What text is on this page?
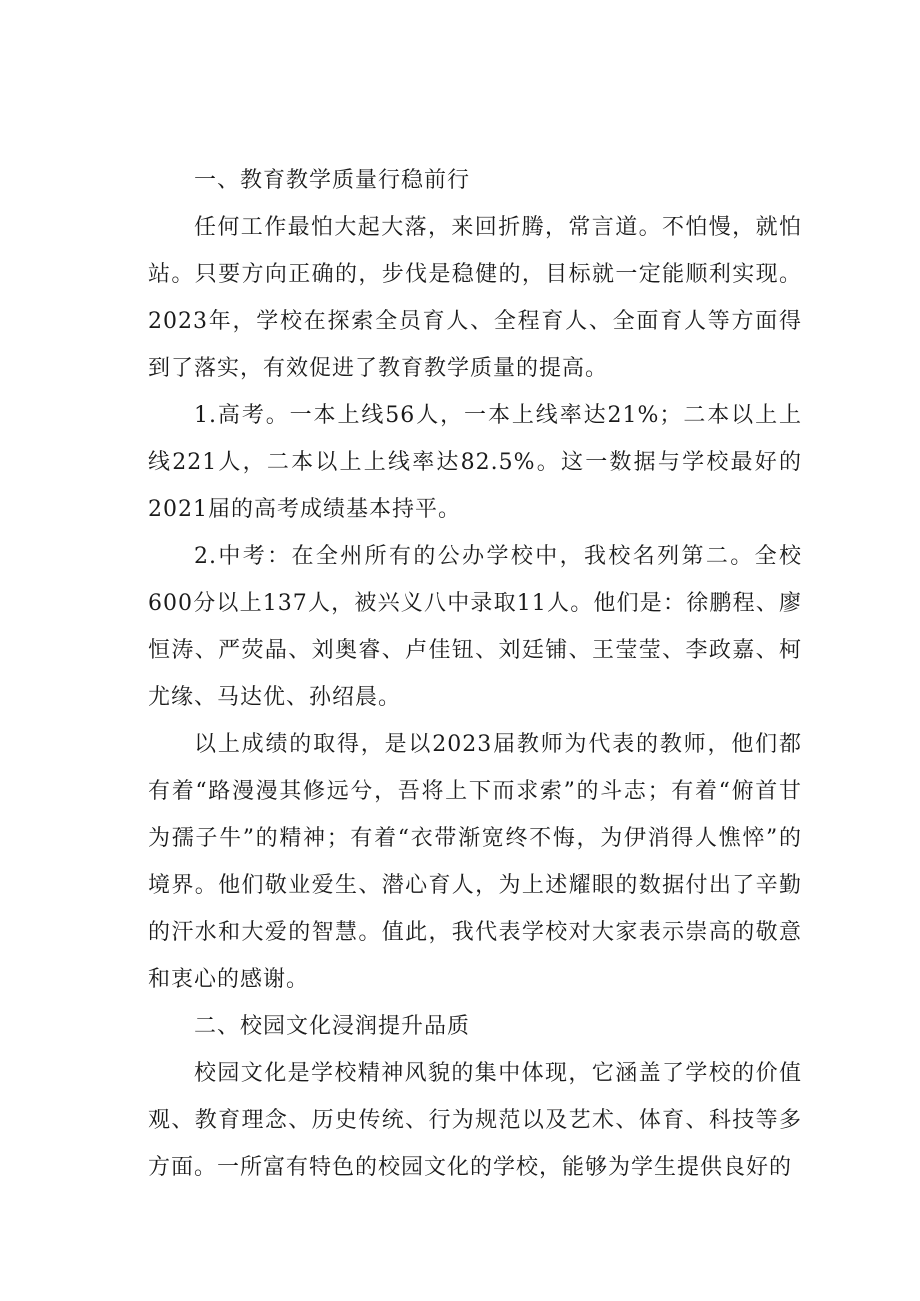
一、教育教学质量行稳前行

任何工作最怕大起大落，来回折腾，常言道。不怕慢，就怕站。只要方向正确的，步伐是稳健的，目标就一定能顺利实现。2023年，学校在探索全员育人、全程育人、全面育人等方面得到了落实，有效促进了教育教学质量的提高。

1.高考。一本上线56人，一本上线率达21%；二本以上上线221人，二本以上上线率达82.5%。这一数据与学校最好的2021届的高考成绩基本持平。

2.中考：在全州所有的公办学校中，我校名列第二。全校600分以上137人，被兴义八中录取11人。他们是：徐鹏程、廖恒涛、严荧晶、刘奥睿、卢佳钮、刘廷铺、王莹莹、李政嘉、柯尤缘、马达优、孙绍晨。

以上成绩的取得，是以2023届教师为代表的教师，他们都有着“路漫漫其修远兮，吾将上下而求索”的斗志；有着“俯首甘为孺子牛”的精神；有着“衣带渐宽终不悔，为伊消得人憔悴”的境界。他们敬业爱生、潜心育人，为上述耀眼的数据付出了辛勤的汗水和大爱的智慧。值此，我代表学校对大家表示崇高的敬意和衷心的感谢。

二、校园文化浸润提升品质

校园文化是学校精神风貌的集中体现，它涵盖了学校的价值观、教育理念、历史传统、行为规范以及艺术、体育、科技等多方面。一所富有特色的校园文化的学校，能够为学生提供良好的
